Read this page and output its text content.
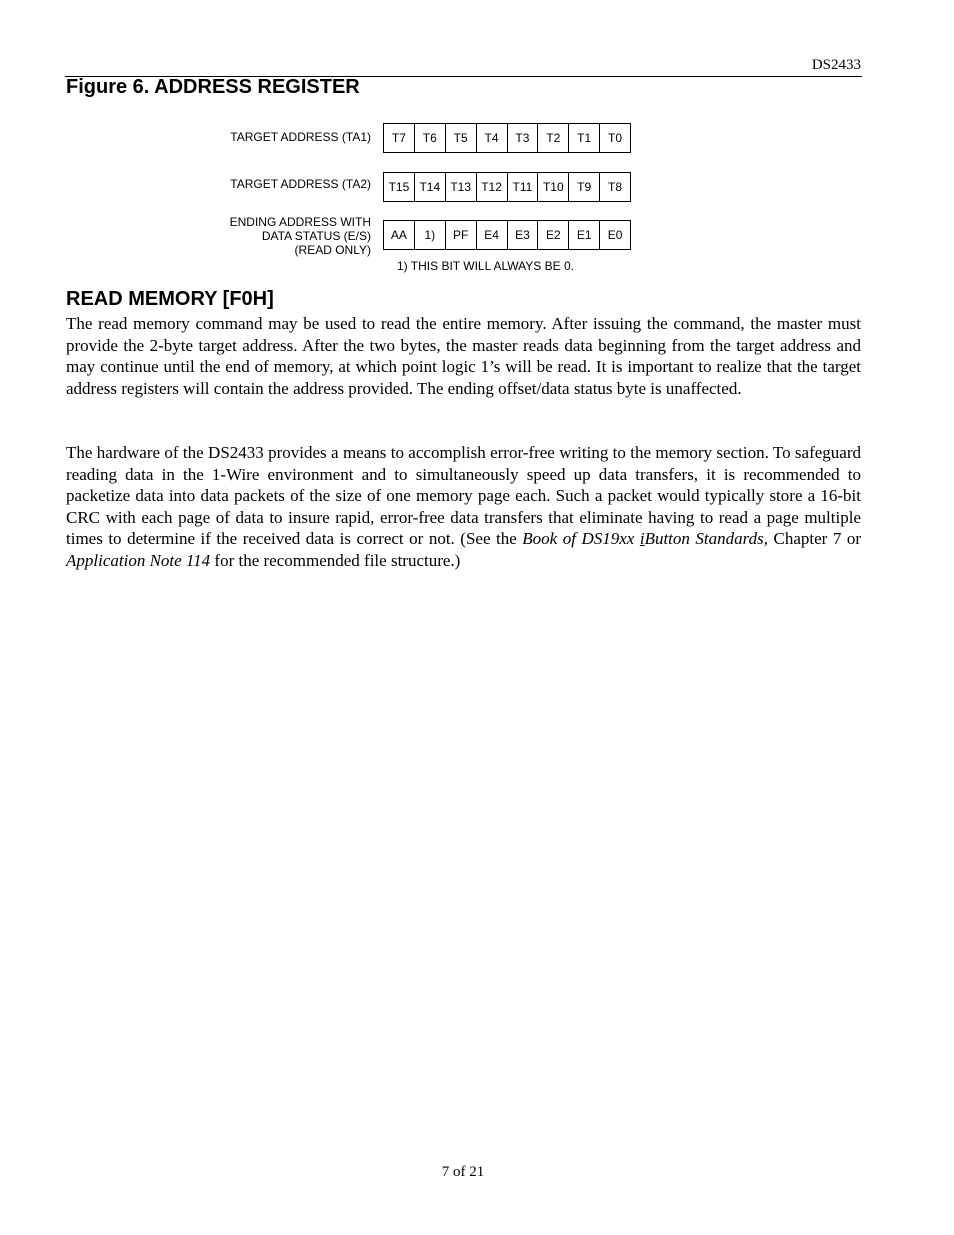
DS2433
Figure 6. ADDRESS REGISTER
TARGET ADDRESS (TA1)	T7	T6	T5	T4	T3	T2	T1	T0
TARGET ADDRESS (TA2)	T15 T14 T13 T12 T11 T10	T9	T8
ENDING ADDRESS WITH
DATA STATUS (E/S)
(READ ONLY)
AA	1)	PF	E4	E3	E2	E1	E0
1) THIS BIT WILL ALWAYS BE 0.
READ MEMORY [F0H]

The read memory command may be used to read the entire memory. After issuing the command, the master must provide the 2-byte target address. After the two bytes, the master reads data beginning from the target address and may continue until the end of memory, at which point logic 1’s will be read. It is important to realize that the target address registers will contain the address provided. The ending offset/data status byte is unaffected.

The hardware of the DS2433 provides a means to accomplish error-free writing to the memory section. To safeguard reading data in the 1-Wire environment and to simultaneously speed up data transfers, it is recommended to packetize data into data packets of the size of one memory page each. Such a packet would typically store a 16-bit CRC with each page of data to insure rapid, error-free data transfers that eliminate having to read a page multiple times to determine if the received data is correct or not. (See the Book of DS19xx iButton Standards, Chapter 7 or Application Note 114 for the recommended file structure.)

7 of 21
